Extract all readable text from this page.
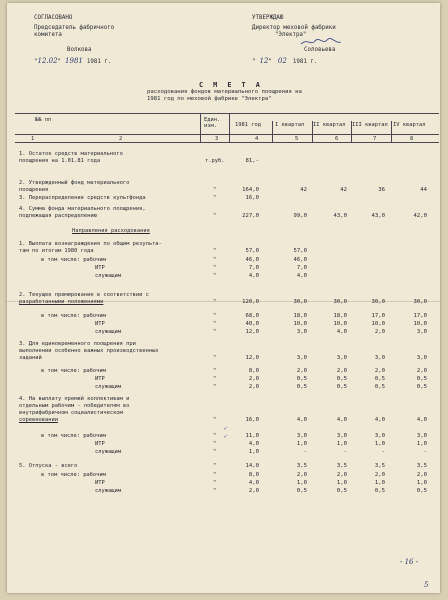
СОГЛАСОВАНО
Председатель фабричного
комитета
Волкова
"12.02" 1981 1981 г.
УТВЕРЖДАЮ
Директор меховой фабрики
"Электра"
Соловьева
" 12" 02 1981 г.
С М Е Т А
расходования фондов материального поощрения на
1981 год по меховой фабрике "Электра"
№№ пп	Един. изм.	1981 год	I квартал II квартал III квартал IV квартал
1	2	3	4	5	6	7	8
1. Остаток средств материального
поощрения на 1.01.81 года	т.руб.	81,-
2. Утвержденный фонд материального
поощрения	"	164,0	42	42	36	44
3. Перераспределение средств культфонда	"	16,0
4. Сумма фонда материального поощрения,
подлежащая распределению	"	227,0	99,0	43,0	43,0	42,0
Направления расходования
1. Выплата вознаграждения по общим результа-
там по итогам 1980 года	"	57,0	57,0
в том числе: рабочим	"	46,0	46,0
ИТР	"	7,0	7,0
служащим	"	4,0	4,0
2. Текущее премирование в соответствии с
разработанными положениями	"	120,0	30,0	30,0	30,0	30,0
в том числе: рабочим	"	68,0	18,0	18,0	17,0	17,0
ИТР	"	40,0	10,0	10,0	10,0	10,0
служащим	"	12,0	3,0	4,0	2,0	3,0
3. Для единовременного поощрения при
выполнении особенно важных производственных
заданий	"	12,0	3,0	3,0	3,0	3,0
в том числе: рабочим	"	8,0	2,0	2,0	2,0	2,0
ИТР	"	2,0	0,5	0,5	0,5	0,5
служащим	"	2,0	0,5	0,5	0,5	0,5
4. На выплату премий коллективам и
отдельным рабочим - победителям во
внутрифабричном социалистическом
соревновании	"	16,0	4,0	4,0	4,0	4,0
в том числе: рабочим	"	11,0	3,0	3,0	3,0	3,0
ИТР	"	4,0	1,0	1,0	1,0	1,0
служащим	"	1,0	-	-	-	-
5. Отпуска - всего	"	14,0	3,5	3,5	3,5	3,5
в том числе: рабочим	"	8,0	2,0	2,0	2,0	2,0
ИТР	"	4,0	1,0	1,0	1,0	1,0
служащим	"	2,0	0,5	0,5	0,5	0,5
✓
✓
- 16 -
5
